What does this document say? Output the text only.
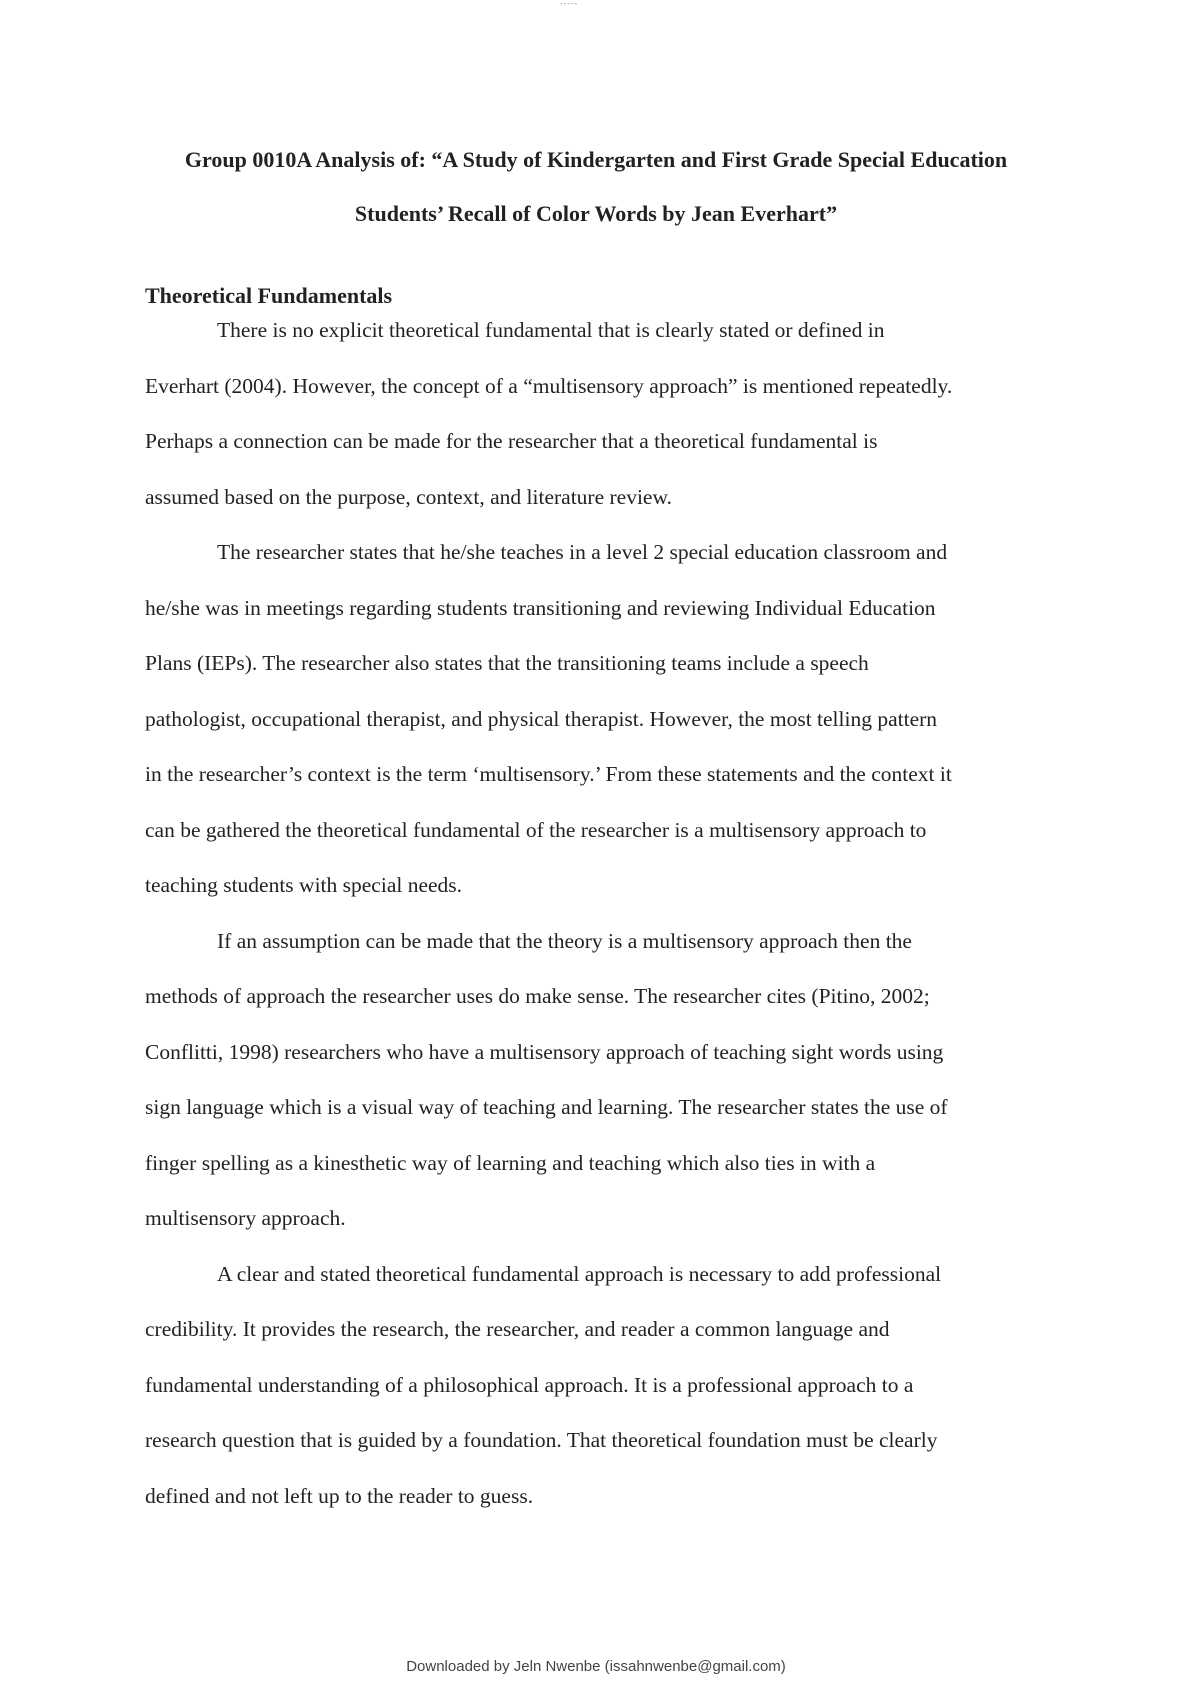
-----
Group 0010A Analysis of: “A Study of Kindergarten and First Grade Special Education
Students’ Recall of Color Words by Jean Everhart”
Theoretical Fundamentals

There is no explicit theoretical fundamental that is clearly stated or defined in
Everhart (2004). However, the concept of a “multisensory approach” is mentioned repeatedly.
Perhaps a connection can be made for the researcher that a theoretical fundamental is
assumed based on the purpose, context, and literature review.

The researcher states that he/she teaches in a level 2 special education classroom and
he/she was in meetings regarding students transitioning and reviewing Individual Education
Plans (IEPs). The researcher also states that the transitioning teams include a speech
pathologist, occupational therapist, and physical therapist. However, the most telling pattern
in the researcher’s context is the term ‘multisensory.’ From these statements and the context it
can be gathered the theoretical fundamental of the researcher is a multisensory approach to
teaching students with special needs.

If an assumption can be made that the theory is a multisensory approach then the
methods of approach the researcher uses do make sense. The researcher cites (Pitino, 2002;
Conflitti, 1998) researchers who have a multisensory approach of teaching sight words using
sign language which is a visual way of teaching and learning. The researcher states the use of
finger spelling as a kinesthetic way of learning and teaching which also ties in with a
multisensory approach.

A clear and stated theoretical fundamental approach is necessary to add professional
credibility. It provides the research, the researcher, and reader a common language and
fundamental understanding of a philosophical approach. It is a professional approach to a
research question that is guided by a foundation. That theoretical foundation must be clearly
defined and not left up to the reader to guess.

Downloaded by Jeln Nwenbe (issahnwenbe@gmail.com)
